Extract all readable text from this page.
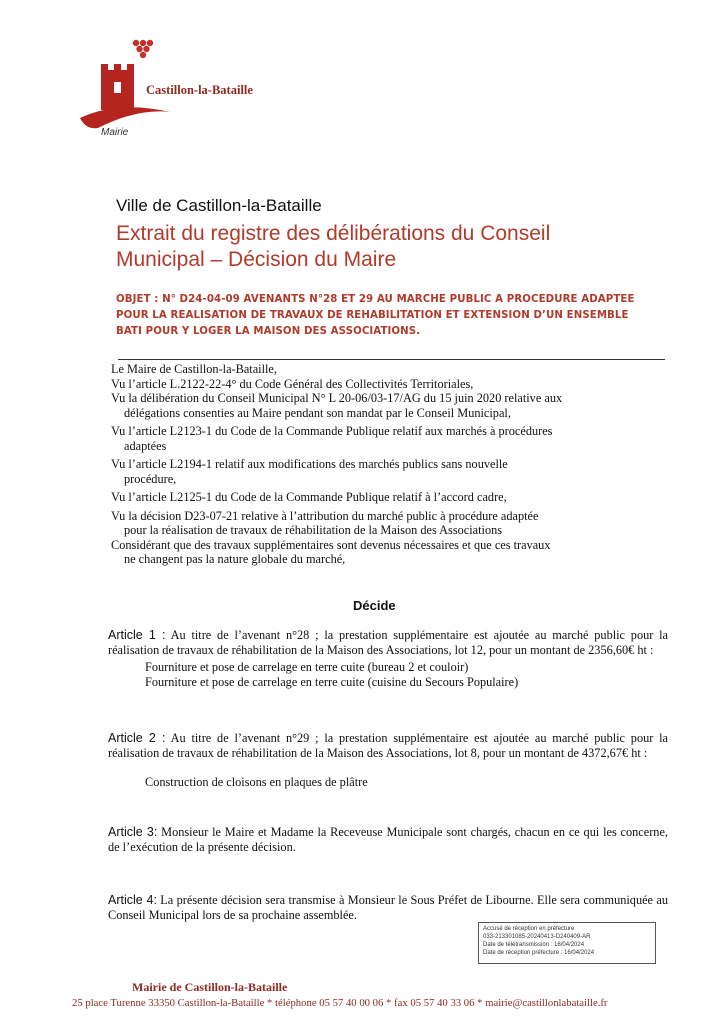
Castillon-la-Bataille
Mairie
Ville de Castillon-la-Bataille
Extrait du registre des délibérations du Conseil
Municipal – Décision du Maire
OBJET : N° D24-04-09 AVENANTS N°28 ET 29 AU MARCHE PUBLIC A PROCEDURE ADAPTEE
POUR LA REALISATION DE TRAVAUX DE REHABILITATION ET EXTENSION D’UN ENSEMBLE
BATI POUR Y LOGER LA MAISON DES ASSOCIATIONS.

Le Maire de Castillon-la-Bataille,

Vu l’article L.2122-22-4° du Code Général des Collectivités Territoriales,

Vu la délibération du Conseil Municipal N° L 20-06/03-17/AG du 15 juin 2020 relative aux

délégations consenties au Maire pendant son mandat par le Conseil Municipal,

Vu l’article L2123-1 du Code de la Commande Publique relatif aux marchés à procédures

adaptées

Vu l’article L2194-1 relatif aux modifications des marchés publics sans nouvelle

procédure,

Vu l’article L2125-1 du Code de la Commande Publique relatif à l’accord cadre,

Vu la décision D23-07-21 relative à l’attribution du marché public à procédure adaptée

pour la réalisation de travaux de réhabilitation de la Maison des Associations

Considérant que des travaux supplémentaires sont devenus nécessaires et que ces travaux

ne changent pas la nature globale du marché,

Décide

Article 1 : Au titre de l’avenant n°28 ; la prestation supplémentaire est ajoutée au marché public pour la réalisation de travaux de réhabilitation de la Maison des Associations, lot 12, pour un montant de 2356,60€ ht :

Fourniture et pose de carrelage en terre cuite (bureau 2 et couloir)

Fourniture et pose de carrelage en terre cuite (cuisine du Secours Populaire)

Article 2 : Au titre de l’avenant n°29 ; la prestation supplémentaire est ajoutée au marché public pour la réalisation de travaux de réhabilitation de la Maison des Associations, lot 8, pour un montant de 4372,67€ ht :

Construction de cloisons en plaques de plâtre

Article 3: Monsieur le Maire et Madame la Receveuse Municipale sont chargés, chacun en ce qui les concerne, de l’exécution de la présente décision.

Article 4: La présente décision sera transmise à Monsieur le Sous Préfet de Libourne. Elle sera communiquée au Conseil Municipal lors de sa prochaine assemblée.

Accusé de réception en préfecture
033-213301085-20240413-D240409-AR
Date de télétransmission : 16/04/2024
Date de réception préfecture : 16/04/2024
Mairie de Castillon-la-Bataille
25 place Turenne 33350 Castillon-la-Bataille * téléphone 05 57 40 00 06 * fax 05 57 40 33 06 * mairie@castillonlabataille.fr
